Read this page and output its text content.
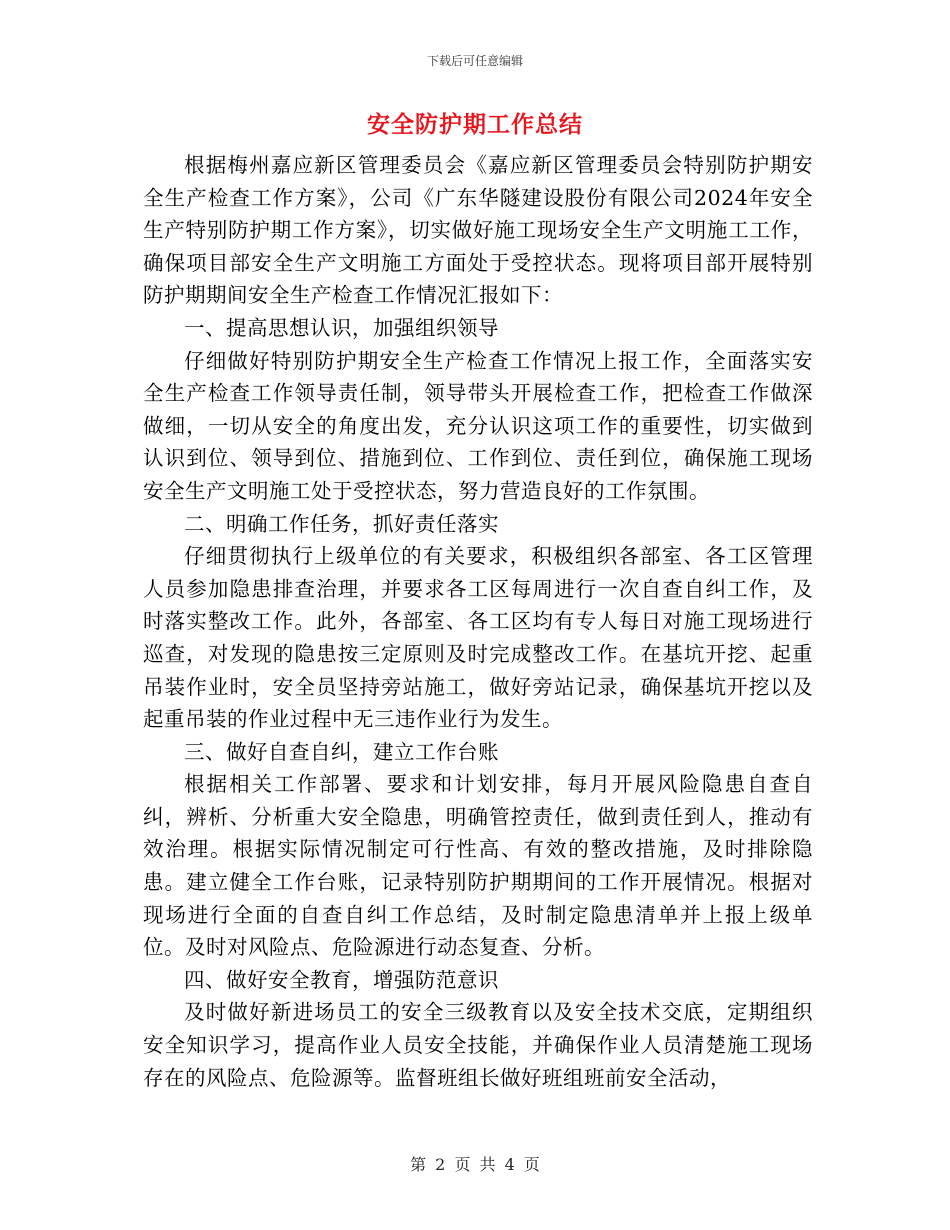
下载后可任意编辑
安全防护期工作总结

根据梅州嘉应新区管理委员会《嘉应新区管理委员会特别防护期安全生产检查工作方案》，公司《广东华隧建设股份有限公司2024年安全生产特别防护期工作方案》，切实做好施工现场安全生产文明施工工作，确保项目部安全生产文明施工方面处于受控状态。现将项目部开展特别防护期期间安全生产检查工作情况汇报如下：

一、提高思想认识，加强组织领导

仔细做好特别防护期安全生产检查工作情况上报工作，全面落实安全生产检查工作领导责任制，领导带头开展检查工作，把检查工作做深做细，一切从安全的角度出发，充分认识这项工作的重要性，切实做到认识到位、领导到位、措施到位、工作到位、责任到位，确保施工现场安全生产文明施工处于受控状态，努力营造良好的工作氛围。

二、明确工作任务，抓好责任落实

仔细贯彻执行上级单位的有关要求，积极组织各部室、各工区管理人员参加隐患排查治理，并要求各工区每周进行一次自查自纠工作，及时落实整改工作。此外，各部室、各工区均有专人每日对施工现场进行巡查，对发现的隐患按三定原则及时完成整改工作。在基坑开挖、起重吊装作业时，安全员坚持旁站施工，做好旁站记录，确保基坑开挖以及起重吊装的作业过程中无三违作业行为发生。

三、做好自查自纠，建立工作台账

根据相关工作部署、要求和计划安排，每月开展风险隐患自查自纠，辨析、分析重大安全隐患，明确管控责任，做到责任到人，推动有效治理。根据实际情况制定可行性高、有效的整改措施，及时排除隐患。建立健全工作台账，记录特别防护期期间的工作开展情况。根据对现场进行全面的自查自纠工作总结，及时制定隐患清单并上报上级单位。及时对风险点、危险源进行动态复查、分析。

四、做好安全教育，增强防范意识

及时做好新进场员工的安全三级教育以及安全技术交底，定期组织安全知识学习，提高作业人员安全技能，并确保作业人员清楚施工现场存在的风险点、危险源等。监督班组长做好班组班前安全活动，

第 2 页 共 4 页
